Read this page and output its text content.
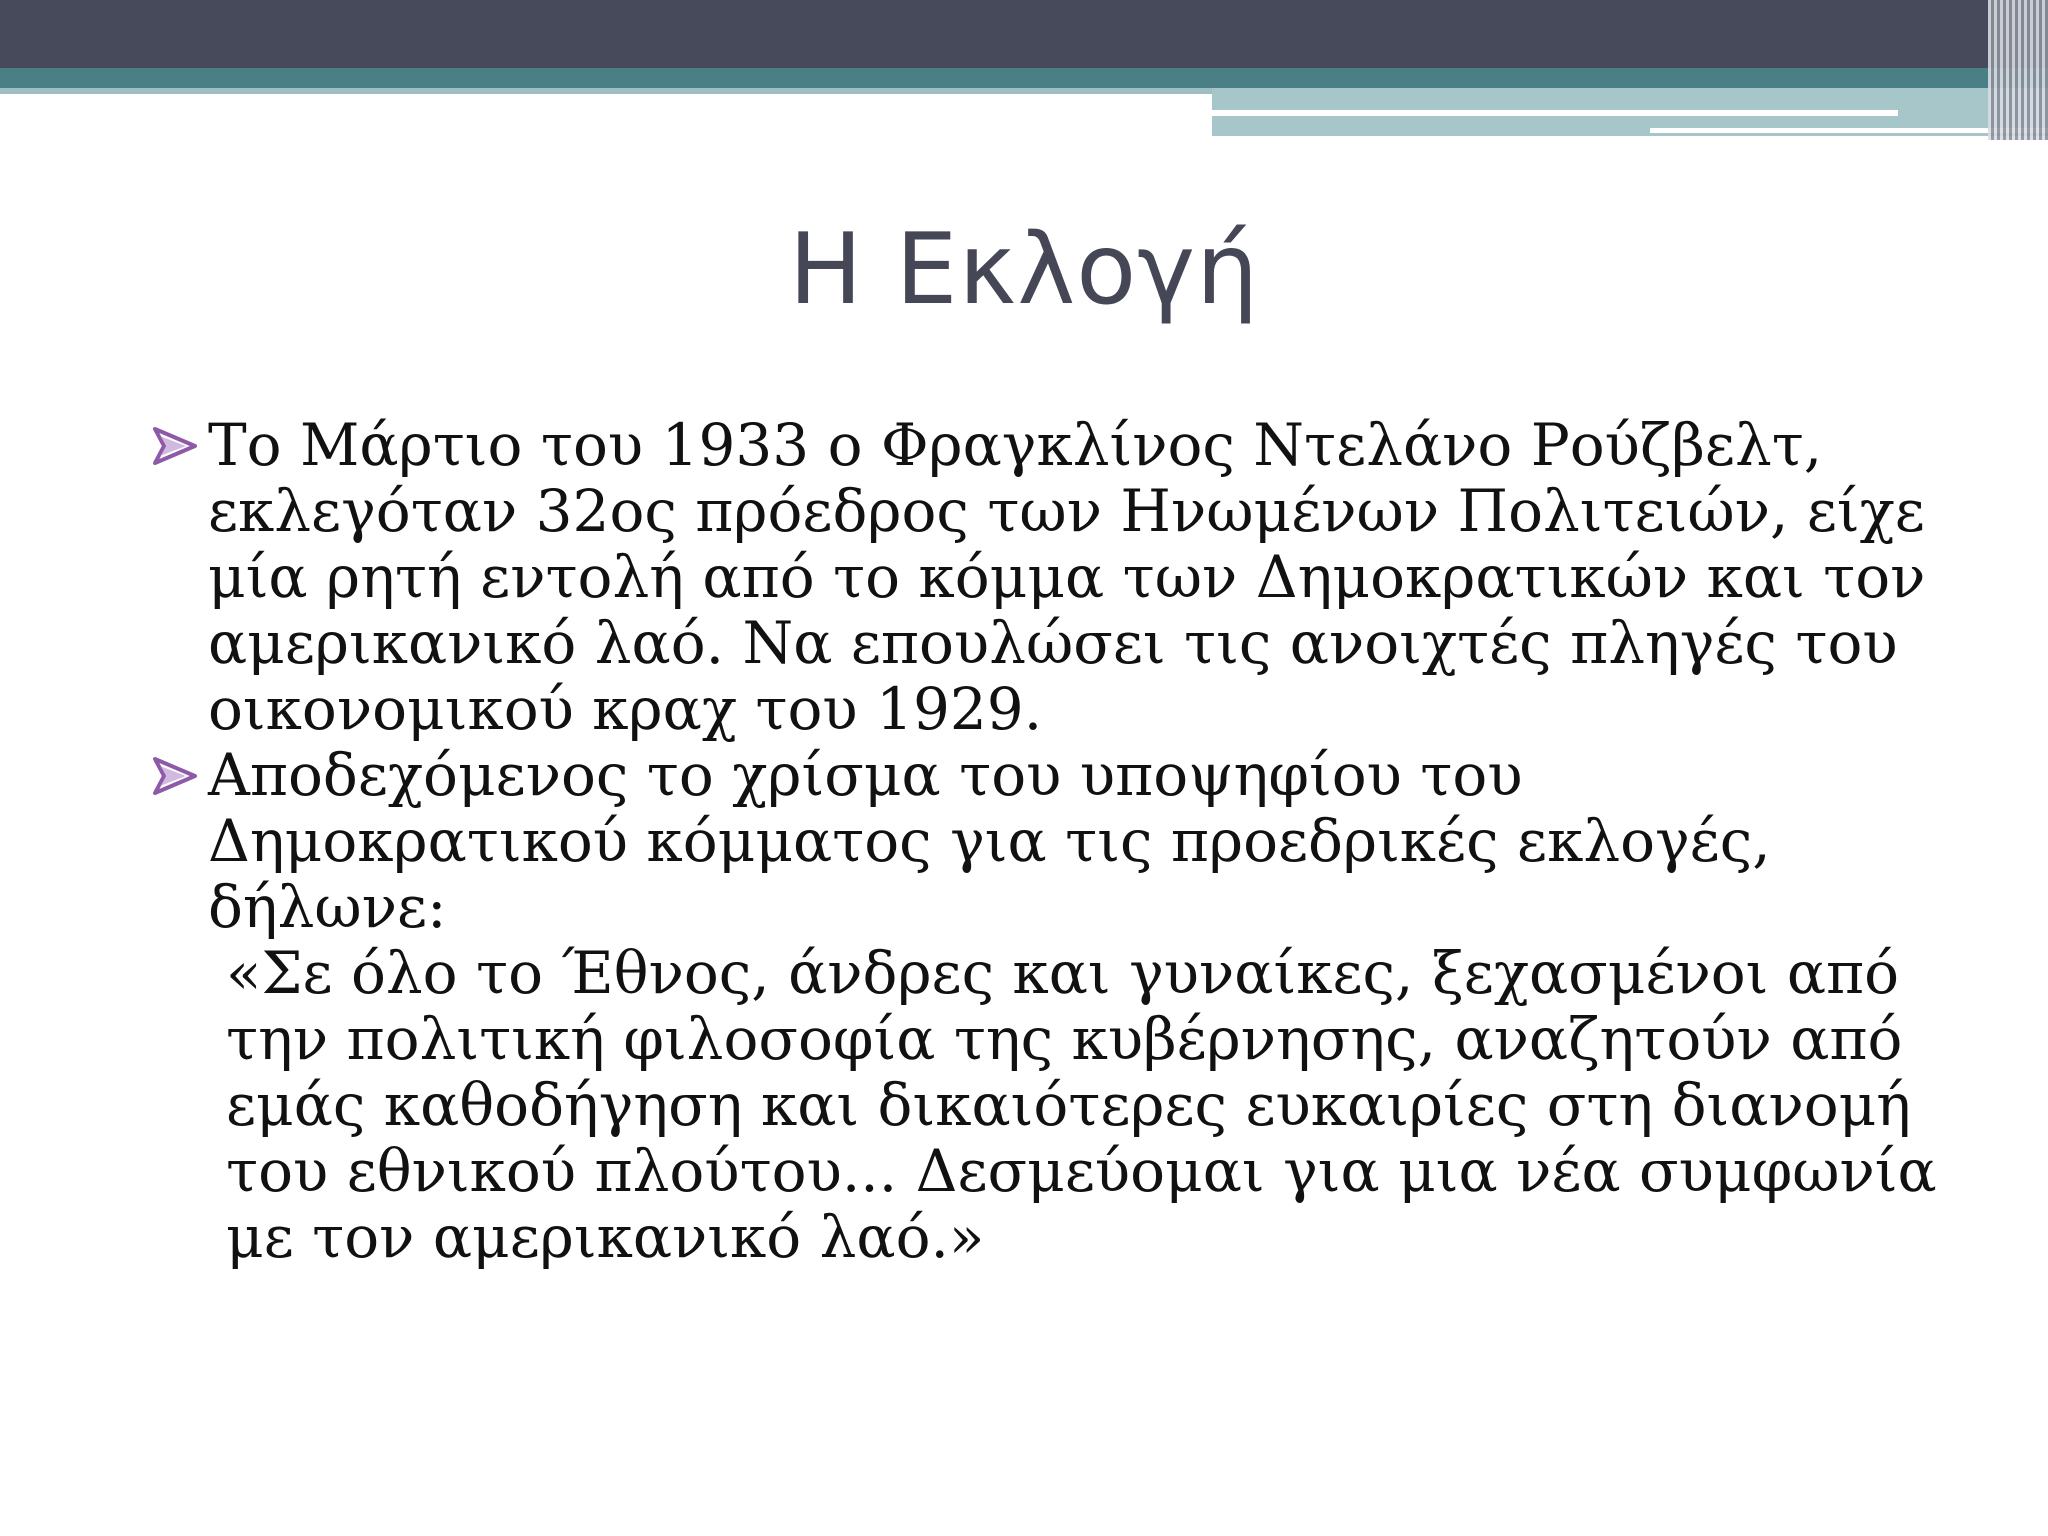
Η Εκλογή

Το Μάρτιο του 1933 ο Φραγκλίνος Ντελάνο Ρούζβελτ, εκλεγόταν 32ος πρόεδρος των Ηνωμένων Πολιτειών, είχε μία ρητή εντολή από το κόμμα των Δημοκρατικών και τον αμερικανικό λαό. Να επουλώσει τις ανοιχτές πληγές του οικονομικού κραχ του 1929.

Αποδεχόμενος το χρίσμα του υποψηφίου του Δημοκρατικού κόμματος για τις προεδρικές εκλογές, δήλωνε:
«Σε όλο το Έθνος, άνδρες και γυναίκες, ξεχασμένοι από την πολιτική φιλοσοφία της κυβέρνησης, αναζητούν από εμάς καθοδήγηση και δικαιότερες ευκαιρίες στη διανομή του εθνικού πλούτου... Δεσμεύομαι για μια νέα συμφωνία με τον αμερικανικό λαό.»
